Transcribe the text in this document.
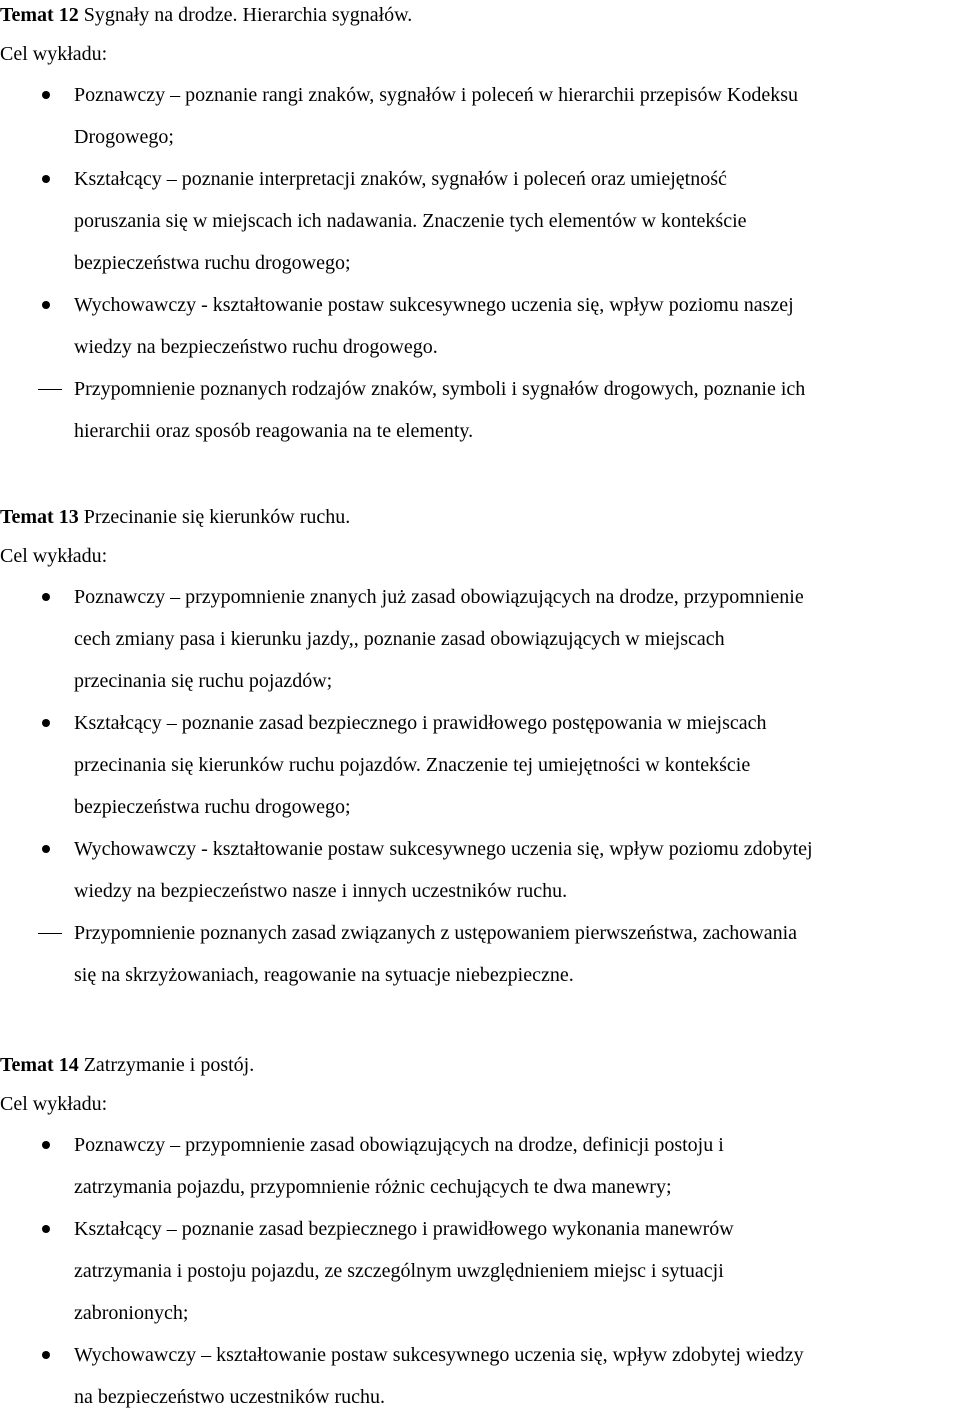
Temat 12 Sygnały na drodze. Hierarchia sygnałów.
Cel wykładu:
Poznawczy – poznanie rangi znaków, sygnałów i poleceń w hierarchii przepisów Kodeksu
Drogowego;
Kształcący – poznanie interpretacji znaków, sygnałów i poleceń oraz umiejętność
poruszania się w miejscach ich nadawania. Znaczenie tych elementów w kontekście
bezpieczeństwa ruchu drogowego;
Wychowawczy - kształtowanie postaw sukcesywnego uczenia się, wpływ poziomu naszej
wiedzy na bezpieczeństwo ruchu drogowego.
Przypomnienie poznanych rodzajów znaków, symboli i sygnałów drogowych, poznanie ich
hierarchii oraz sposób reagowania na te elementy.
Temat 13 Przecinanie się kierunków ruchu.
Cel wykładu:
Poznawczy – przypomnienie znanych już zasad obowiązujących na drodze, przypomnienie
cech zmiany pasa i kierunku jazdy,, poznanie zasad obowiązujących w miejscach
przecinania się ruchu pojazdów;
Kształcący – poznanie zasad bezpiecznego i prawidłowego postępowania w miejscach
przecinania się kierunków ruchu pojazdów. Znaczenie tej umiejętności w kontekście
bezpieczeństwa ruchu drogowego;
Wychowawczy - kształtowanie postaw sukcesywnego uczenia się, wpływ poziomu zdobytej
wiedzy na bezpieczeństwo nasze i innych uczestników ruchu.
Przypomnienie poznanych zasad związanych z ustępowaniem pierwszeństwa, zachowania
się na skrzyżowaniach, reagowanie na sytuacje niebezpieczne.
Temat 14 Zatrzymanie i postój.
Cel wykładu:
Poznawczy – przypomnienie zasad obowiązujących na drodze, definicji postoju i
zatrzymania pojazdu, przypomnienie różnic cechujących te dwa manewry;
Kształcący – poznanie zasad bezpiecznego i prawidłowego wykonania manewrów
zatrzymania i postoju pojazdu, ze szczególnym uwzględnieniem miejsc i sytuacji
zabronionych;
Wychowawczy – kształtowanie postaw sukcesywnego uczenia się, wpływ zdobytej wiedzy
na bezpieczeństwo uczestników ruchu.
